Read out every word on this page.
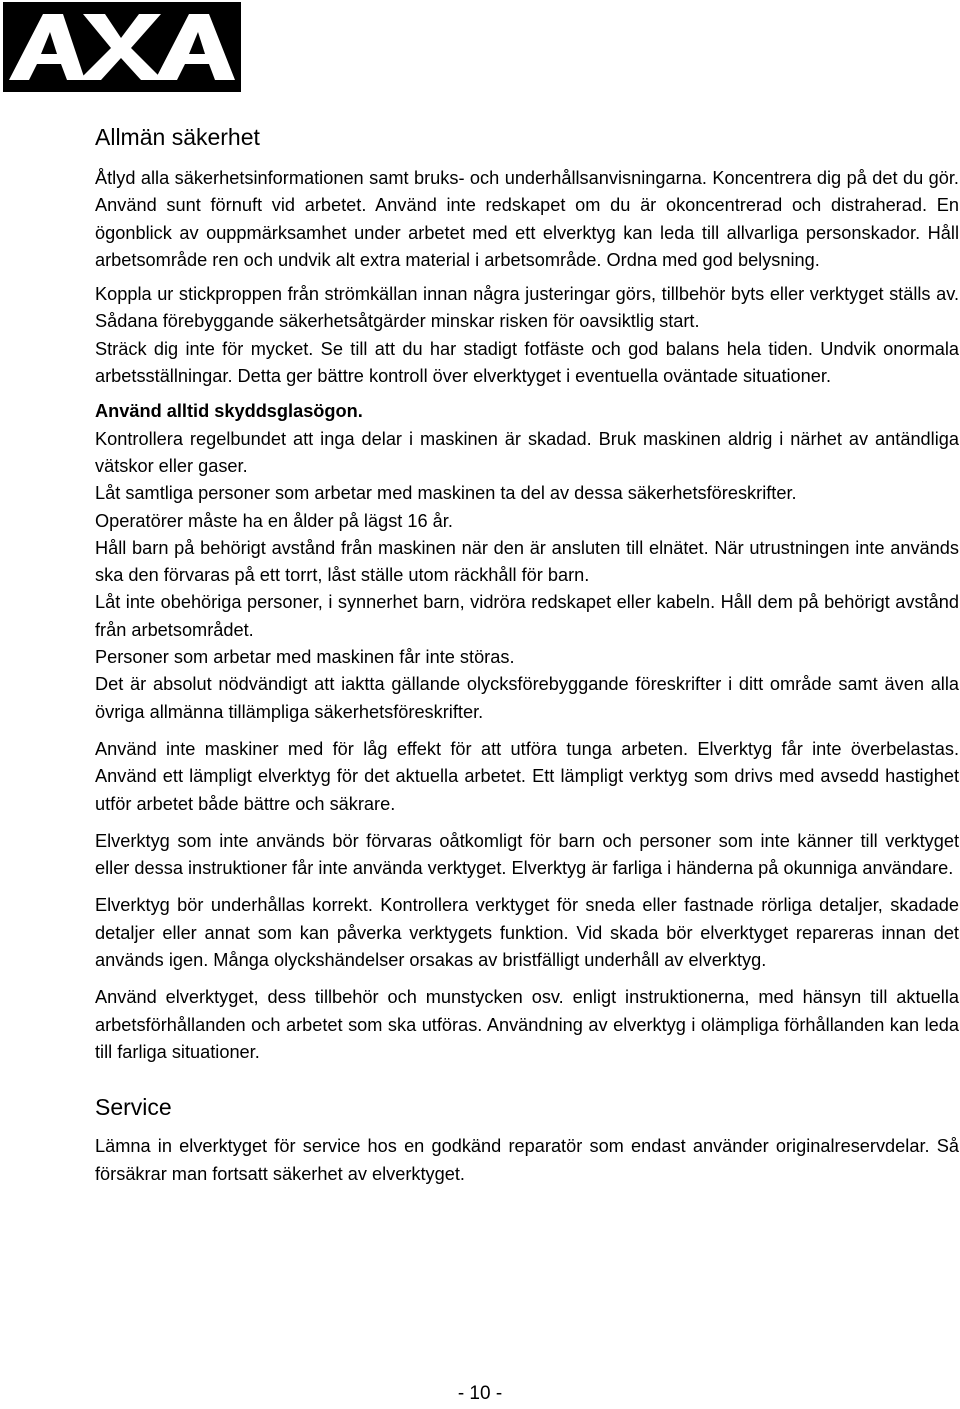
Allmän säkerhet

Åtlyd alla säkerhetsinformationen samt bruks- och underhållsanvisningarna. Koncentrera dig på det du gör. Använd sunt förnuft vid arbetet. Använd inte redskapet om du är okoncentrerad och distraherad. En ögonblick av ouppmärksamhet under arbetet med ett elverktyg kan leda till allvarliga personskador. Håll arbetsområde ren och undvik alt extra material i arbetsområde. Ordna med god belysning.

Koppla ur stickproppen från strömkällan innan några justeringar görs, tillbehör byts eller verktyget ställs av. Sådana förebyggande säkerhetsåtgärder minskar risken för oavsiktlig start.

Sträck dig inte för mycket. Se till att du har stadigt fotfäste och god balans hela tiden. Undvik onormala arbetsställningar. Detta ger bättre kontroll över elverktyget i eventuella oväntade situationer.

Använd alltid skyddsglasögon.

Kontrollera regelbundet att inga delar i maskinen är skadad. Bruk maskinen aldrig i närhet av antändliga vätskor eller gaser.

Låt samtliga personer som arbetar med maskinen ta del av dessa säkerhetsföreskrifter.

Operatörer måste ha en ålder på lägst 16 år.

Håll barn på behörigt avstånd från maskinen när den är ansluten till elnätet. När utrustningen inte används ska den förvaras på ett torrt, låst ställe utom räckhåll för barn.

Låt inte obehöriga personer, i synnerhet barn, vidröra redskapet eller kabeln. Håll dem på behörigt avstånd från arbetsområdet.

Personer som arbetar med maskinen får inte störas.

Det är absolut nödvändigt att iaktta gällande olycksförebyggande föreskrifter i ditt område samt även alla övriga allmänna tillämpliga säkerhetsföreskrifter.

Använd inte maskiner med för låg effekt för att utföra tunga arbeten. Elverktyg får inte överbelastas. Använd ett lämpligt elverktyg för det aktuella arbetet. Ett lämpligt verktyg som drivs med avsedd hastighet utför arbetet både bättre och säkrare.

Elverktyg som inte används bör förvaras oåtkomligt för barn och personer som inte känner till verktyget eller dessa instruktioner får inte använda verktyget. Elverktyg är farliga i händerna på okunniga användare.

Elverktyg bör underhållas korrekt. Kontrollera verktyget för sneda eller fastnade rörliga detaljer, skadade detaljer eller annat som kan påverka verktygets funktion. Vid skada bör elverktyget repareras innan det används igen. Många olyckshändelser orsakas av bristfälligt underhåll av elverktyg.

Använd elverktyget, dess tillbehör och munstycken osv. enligt instruktionerna, med hänsyn till aktuella arbetsförhållanden och arbetet som ska utföras. Användning av elverktyg i olämpliga förhållanden kan leda till farliga situationer.

Service

Lämna in elverktyget för service hos en godkänd reparatör som endast använder originalreservdelar. Så försäkrar man fortsatt säkerhet av elverktyget.

- 10 -
